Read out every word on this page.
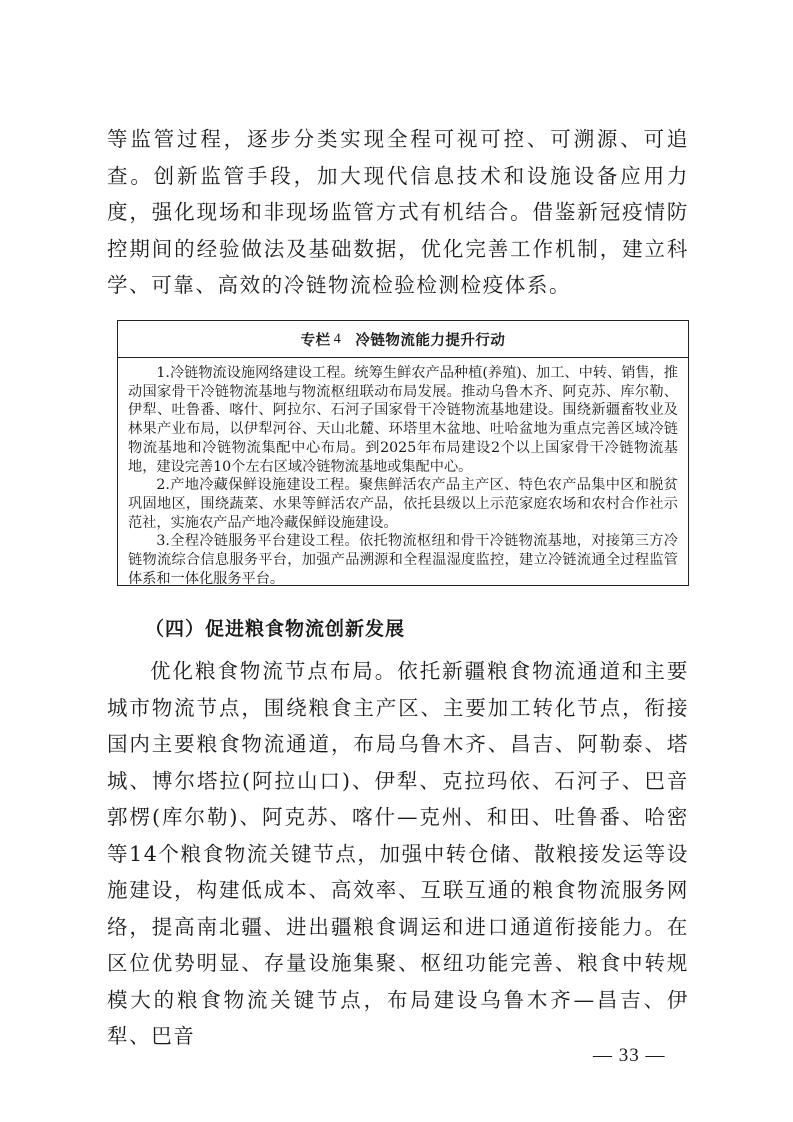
等监管过程，逐步分类实现全程可视可控、可溯源、可追查。创新监管手段，加大现代信息技术和设施设备应用力度，强化现场和非现场监管方式有机结合。借鉴新冠疫情防控期间的经验做法及基础数据，优化完善工作机制，建立科学、可靠、高效的冷链物流检验检测检疫体系。

专栏 4 冷链物流能力提升行动

1.冷链物流设施网络建设工程。统筹生鲜农产品种植(养殖)、加工、中转、销售，推动国家骨干冷链物流基地与物流枢纽联动布局发展。推动乌鲁木齐、阿克苏、库尔勒、伊犁、吐鲁番、喀什、阿拉尔、石河子国家骨干冷链物流基地建设。围绕新疆畜牧业及林果产业布局，以伊犁河谷、天山北麓、环塔里木盆地、吐哈盆地为重点完善区域冷链物流基地和冷链物流集配中心布局。到2025年布局建设2个以上国家骨干冷链物流基地，建设完善10个左右区域冷链物流基地或集配中心。

2.产地冷藏保鲜设施建设工程。聚焦鲜活农产品主产区、特色农产品集中区和脱贫巩固地区，围绕蔬菜、水果等鲜活农产品，依托县级以上示范家庭农场和农村合作社示范社，实施农产品产地冷藏保鲜设施建设。

3.全程冷链服务平台建设工程。依托物流枢纽和骨干冷链物流基地，对接第三方冷链物流综合信息服务平台，加强产品溯源和全程温湿度监控，建立冷链流通全过程监管体系和一体化服务平台。

（四）促进粮食物流创新发展

优化粮食物流节点布局。依托新疆粮食物流通道和主要城市物流节点，围绕粮食主产区、主要加工转化节点，衔接国内主要粮食物流通道，布局乌鲁木齐、昌吉、阿勒泰、塔城、博尔塔拉(阿拉山口)、伊犁、克拉玛依、石河子、巴音郭楞(库尔勒)、阿克苏、喀什—克州、和田、吐鲁番、哈密等14个粮食物流关键节点，加强中转仓储、散粮接发运等设施建设，构建低成本、高效率、互联互通的粮食物流服务网络，提高南北疆、进出疆粮食调运和进口通道衔接能力。在区位优势明显、存量设施集聚、枢纽功能完善、粮食中转规模大的粮食物流关键节点，布局建设乌鲁木齐—昌吉、伊犁、巴音

— 33 —
